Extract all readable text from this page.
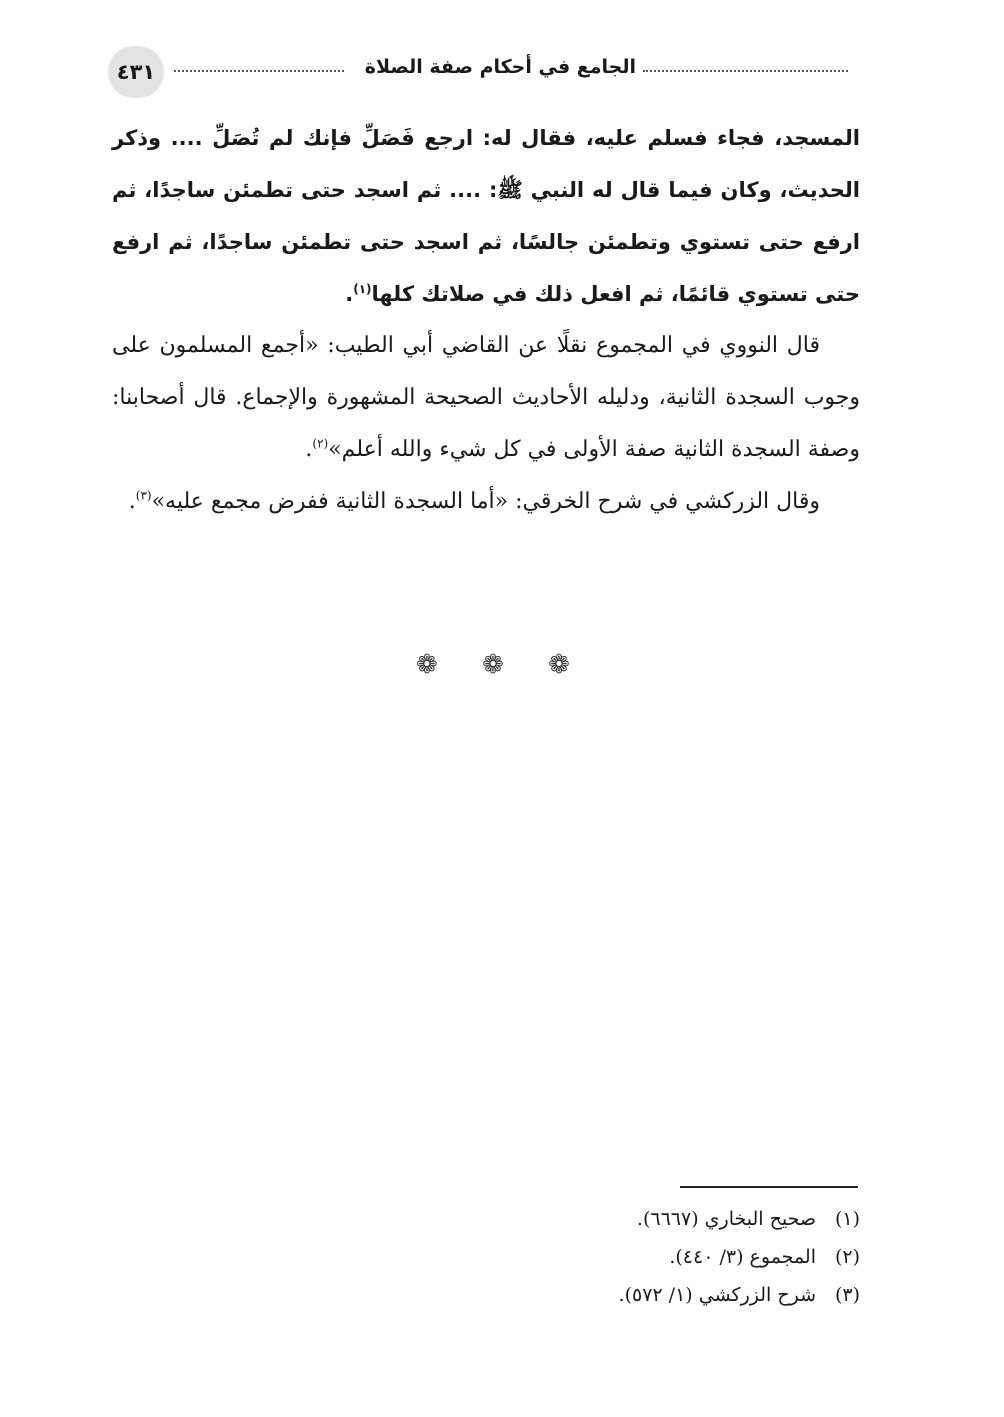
الجامع في أحكام صفة الصلاة
٤٣١

المسجد، فجاء فسلم عليه، فقال له: ارجع فَصَلِّ فإنك لم تُصَلِّ .... وذكر الحديث، وكان فيما قال له النبي ﷺ: .... ثم اسجد حتى تطمئن ساجدًا، ثم ارفع حتى تستوي وتطمئن جالسًا، ثم اسجد حتى تطمئن ساجدًا، ثم ارفع حتى تستوي قائمًا، ثم افعل ذلك في صلاتك كلها$^{(١)}$.

قال النووي في المجموع نقلًا عن القاضي أبي الطيب: «أجمع المسلمون على وجوب السجدة الثانية، ودليله الأحاديث الصحيحة المشهورة والإجماع. قال أصحابنا: وصفة السجدة الثانية صفة الأولى في كل شيء والله أعلم»$^{(٢)}$.

وقال الزركشي في شرح الخرقي: «أما السجدة الثانية ففرض مجمع عليه»$^{(٣)}$.

❁ ❁ ❁
(١)صحيح البخاري (٦٦٦٧).
(٢)المجموع (٣/ ٤٤٠).
(٣)شرح الزركشي (١/ ٥٧٢).
